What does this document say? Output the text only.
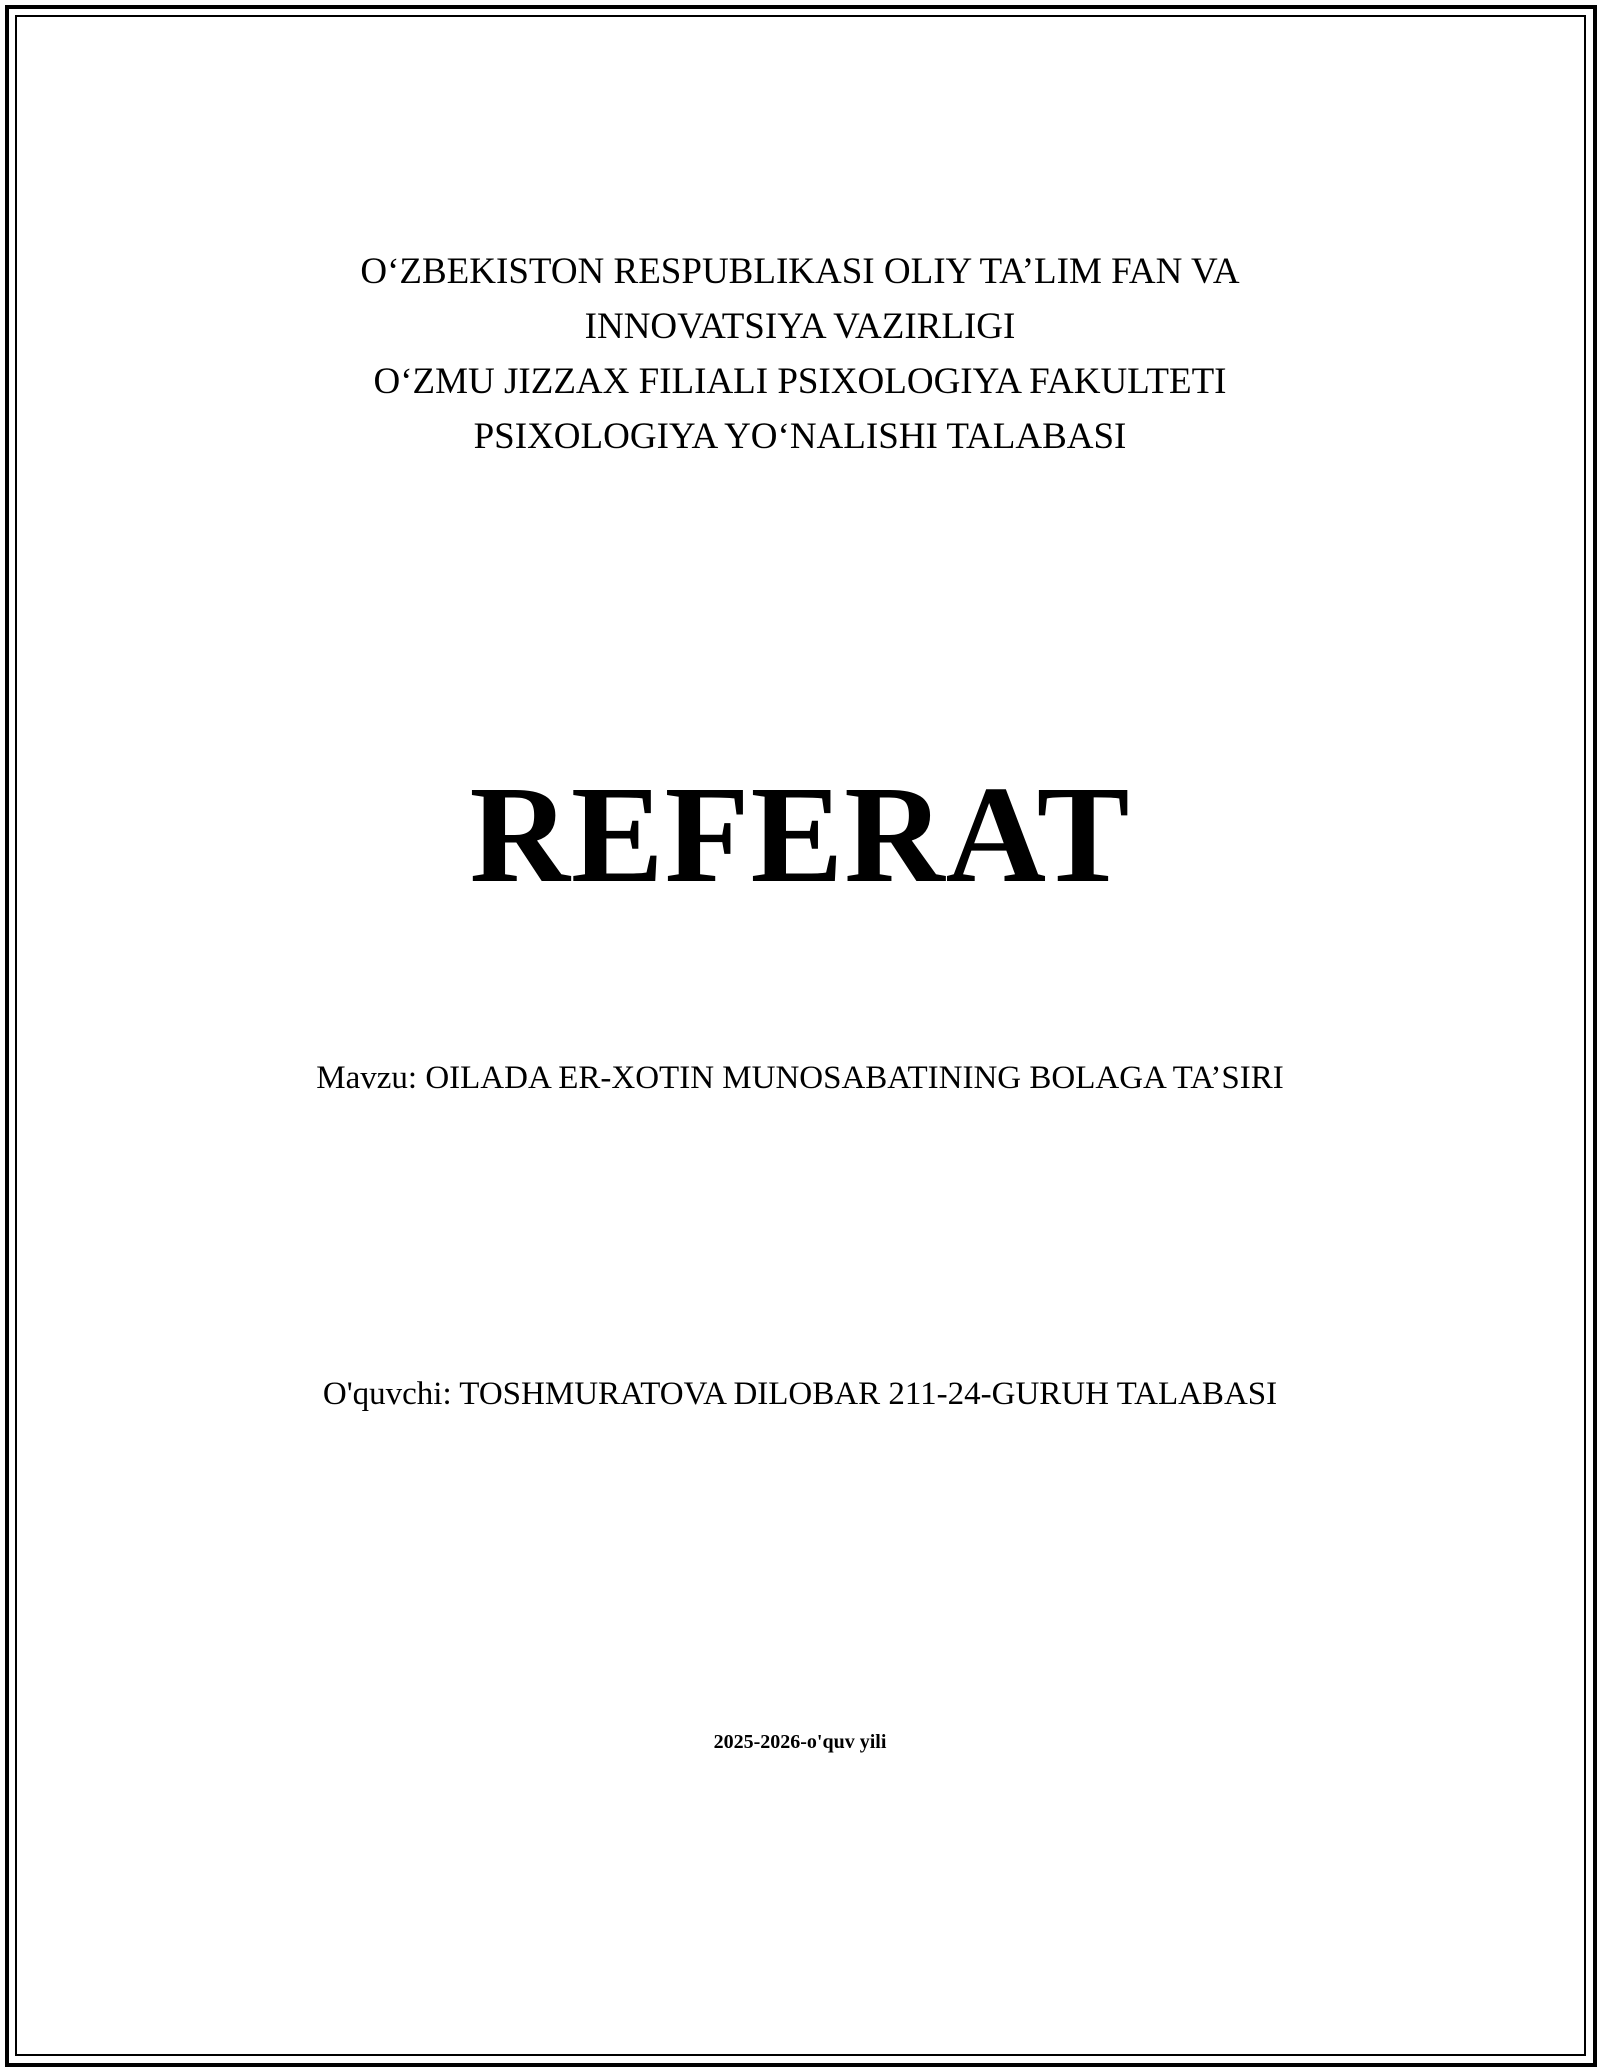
O‘ZBEKISTON RESPUBLIKASI OLIY TA’LIM FAN VA
INNOVATSIYA VAZIRLIGI
O‘ZMU JIZZAX FILIALI PSIXOLOGIYA FAKULTETI
PSIXOLOGIYA YO‘NALISHI TALABASI
REFERAT
Mavzu: OILADA ER-XOTIN MUNOSABATINING BOLAGA TA’SIRI
O'quvchi: TOSHMURATOVA DILOBAR 211-24-GURUH TALABASI
2025-2026-o'quv yili
